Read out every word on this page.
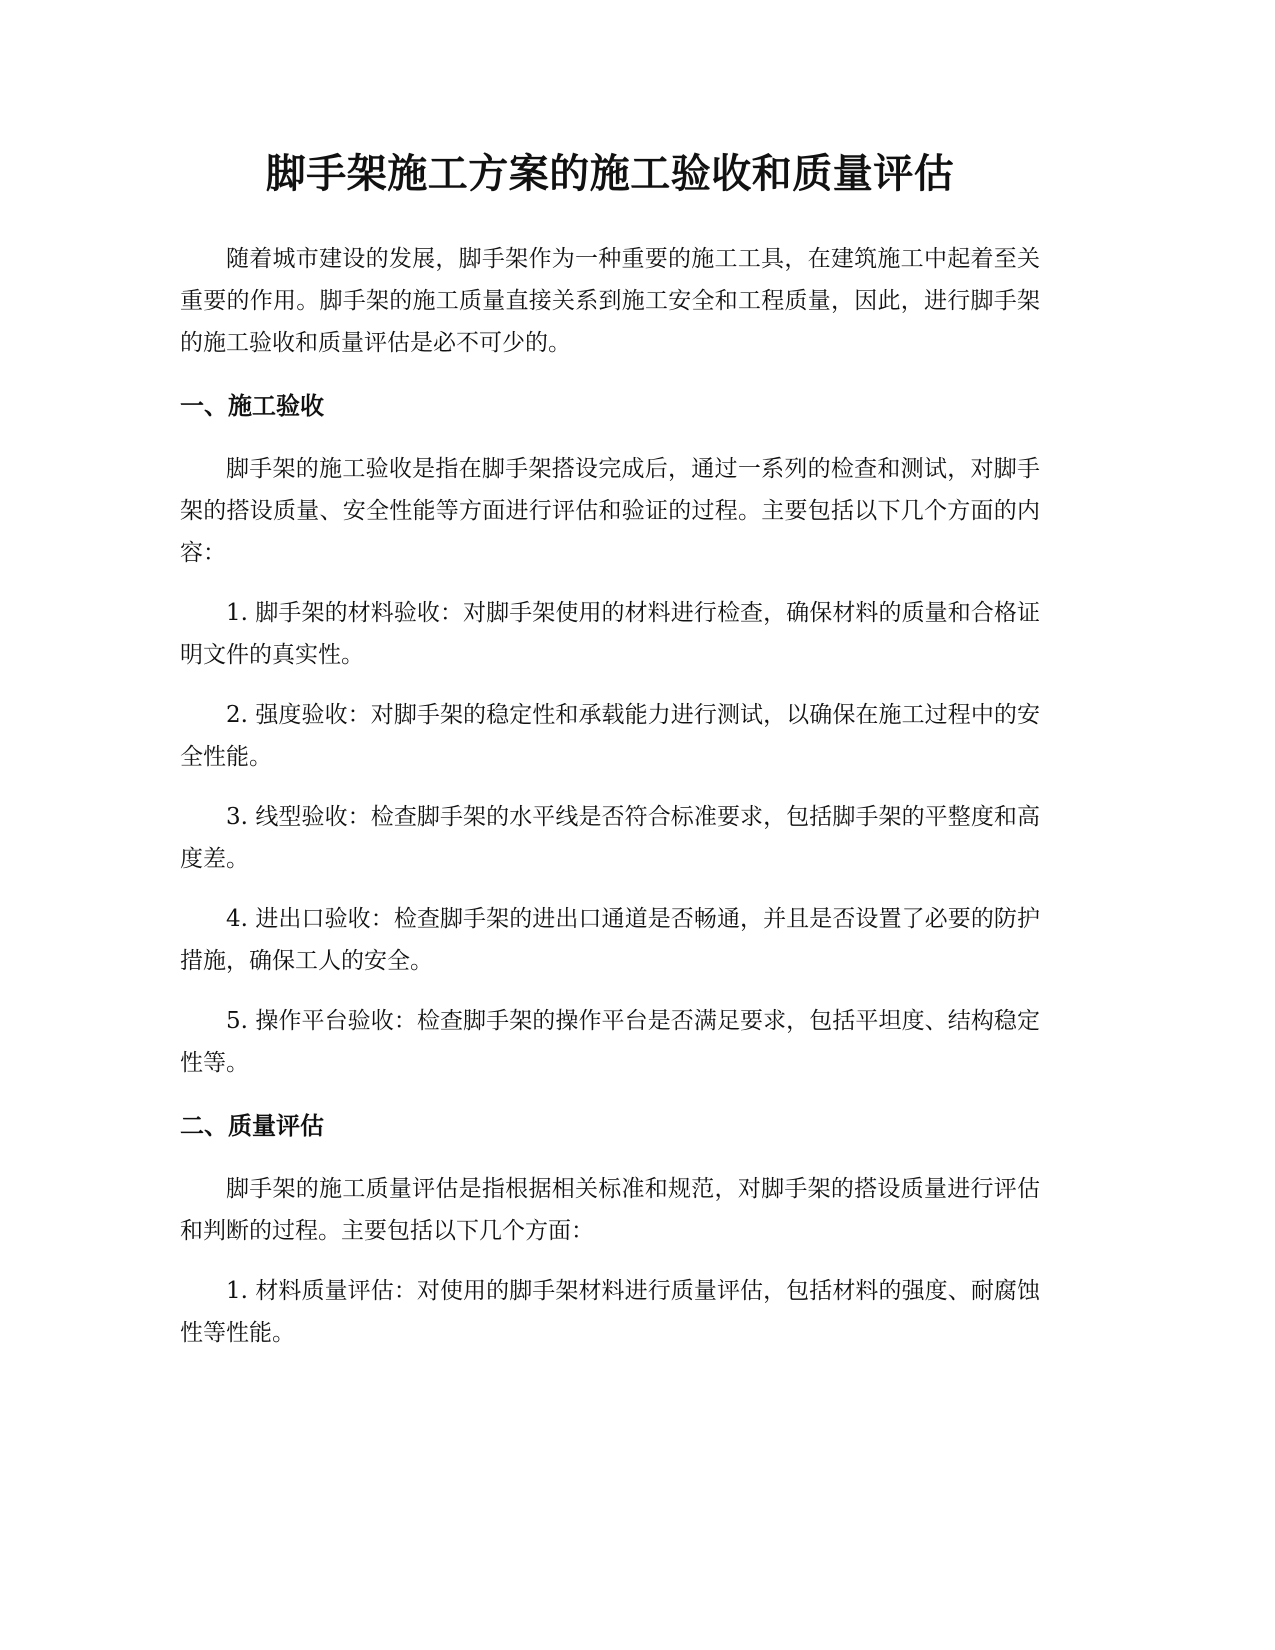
脚手架施工方案的施工验收和质量评估

随着城市建设的发展，脚手架作为一种重要的施工工具，在建筑施工中起着至关重要的作用。脚手架的施工质量直接关系到施工安全和工程质量，因此，进行脚手架的施工验收和质量评估是必不可少的。

一、施工验收

脚手架的施工验收是指在脚手架搭设完成后，通过一系列的检查和测试，对脚手架的搭设质量、安全性能等方面进行评估和验证的过程。主要包括以下几个方面的内容：

1. 脚手架的材料验收：对脚手架使用的材料进行检查，确保材料的质量和合格证明文件的真实性。

2. 强度验收：对脚手架的稳定性和承载能力进行测试，以确保在施工过程中的安全性能。

3. 线型验收：检查脚手架的水平线是否符合标准要求，包括脚手架的平整度和高度差。

4. 进出口验收：检查脚手架的进出口通道是否畅通，并且是否设置了必要的防护措施，确保工人的安全。

5. 操作平台验收：检查脚手架的操作平台是否满足要求，包括平坦度、结构稳定性等。

二、质量评估

脚手架的施工质量评估是指根据相关标准和规范，对脚手架的搭设质量进行评估和判断的过程。主要包括以下几个方面：

1. 材料质量评估：对使用的脚手架材料进行质量评估，包括材料的强度、耐腐蚀性等性能。
